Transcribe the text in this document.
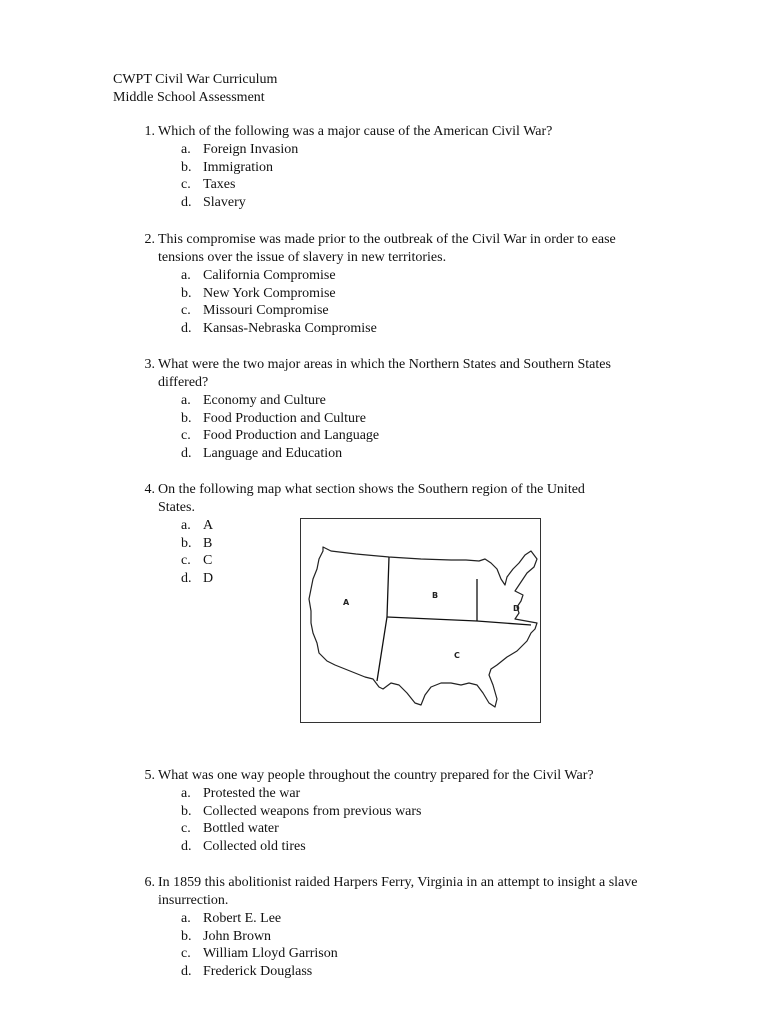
CWPT Civil War Curriculum
Middle School Assessment
1. Which of the following was a major cause of the American Civil War?
a. Foreign Invasion
b. Immigration
c. Taxes
d. Slavery
2. This compromise was made prior to the outbreak of the Civil War in order to ease tensions over the issue of slavery in new territories.
a. California Compromise
b. New York Compromise
c. Missouri Compromise
d. Kansas-Nebraska Compromise
3. What were the two major areas in which the Northern States and Southern States differed?
a. Economy and Culture
b. Food Production and Culture
c. Food Production and Language
d. Language and Education
4. On the following map what section shows the Southern region of the United States.
a. A
b. B
c. C
d. D
A
B
C
D
5. What was one way people throughout the country prepared for the Civil War?
a. Protested the war
b. Collected weapons from previous wars
c. Bottled water
d. Collected old tires
6. In 1859 this abolitionist raided Harpers Ferry, Virginia in an attempt to insight a slave insurrection.
a. Robert E. Lee
b. John Brown
c. William Lloyd Garrison
d. Frederick Douglass
